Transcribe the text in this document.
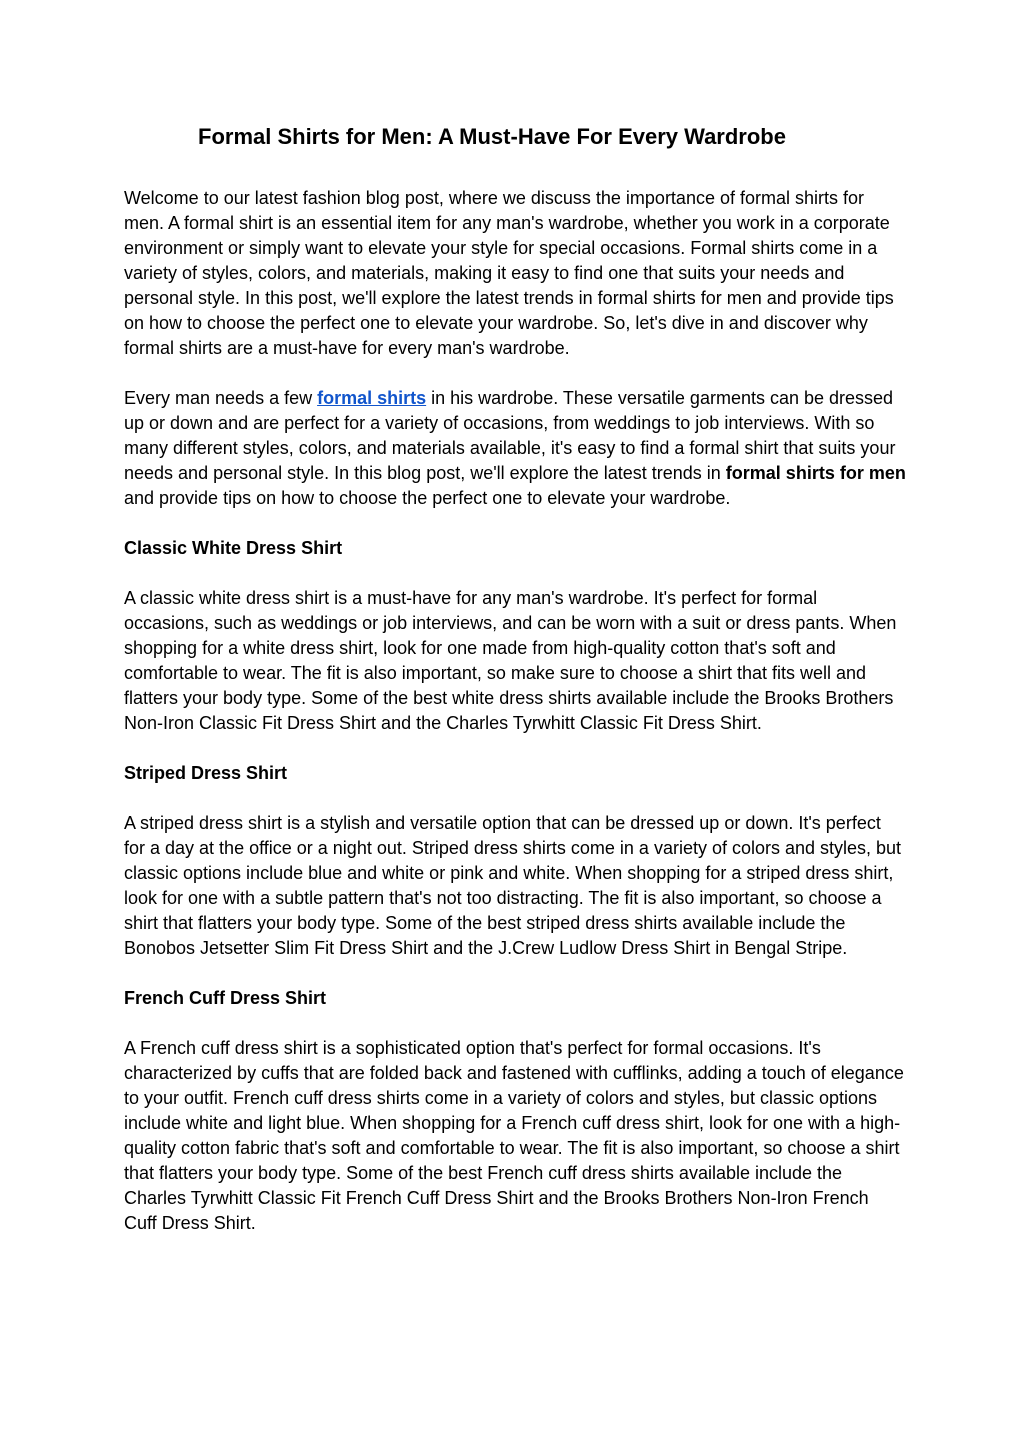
Formal Shirts for Men: A Must-Have For Every Wardrobe

Welcome to our latest fashion blog post, where we discuss the importance of formal shirts for men. A formal shirt is an essential item for any man's wardrobe, whether you work in a corporate environment or simply want to elevate your style for special occasions. Formal shirts come in a variety of styles, colors, and materials, making it easy to find one that suits your needs and personal style. In this post, we'll explore the latest trends in formal shirts for men and provide tips on how to choose the perfect one to elevate your wardrobe. So, let's dive in and discover why formal shirts are a must-have for every man's wardrobe.

Every man needs a few formal shirts in his wardrobe. These versatile garments can be dressed up or down and are perfect for a variety of occasions, from weddings to job interviews. With so many different styles, colors, and materials available, it's easy to find a formal shirt that suits your needs and personal style. In this blog post, we'll explore the latest trends in formal shirts for men and provide tips on how to choose the perfect one to elevate your wardrobe.

Classic White Dress Shirt

A classic white dress shirt is a must-have for any man's wardrobe. It's perfect for formal occasions, such as weddings or job interviews, and can be worn with a suit or dress pants. When shopping for a white dress shirt, look for one made from high-quality cotton that's soft and comfortable to wear. The fit is also important, so make sure to choose a shirt that fits well and flatters your body type. Some of the best white dress shirts available include the Brooks Brothers Non-Iron Classic Fit Dress Shirt and the Charles Tyrwhitt Classic Fit Dress Shirt.

Striped Dress Shirt

A striped dress shirt is a stylish and versatile option that can be dressed up or down. It's perfect for a day at the office or a night out. Striped dress shirts come in a variety of colors and styles, but classic options include blue and white or pink and white. When shopping for a striped dress shirt, look for one with a subtle pattern that's not too distracting. The fit is also important, so choose a shirt that flatters your body type. Some of the best striped dress shirts available include the Bonobos Jetsetter Slim Fit Dress Shirt and the J.Crew Ludlow Dress Shirt in Bengal Stripe.

French Cuff Dress Shirt

A French cuff dress shirt is a sophisticated option that's perfect for formal occasions. It's characterized by cuffs that are folded back and fastened with cufflinks, adding a touch of elegance to your outfit. French cuff dress shirts come in a variety of colors and styles, but classic options include white and light blue. When shopping for a French cuff dress shirt, look for one with a high-quality cotton fabric that's soft and comfortable to wear. The fit is also important, so choose a shirt that flatters your body type. Some of the best French cuff dress shirts available include the Charles Tyrwhitt Classic Fit French Cuff Dress Shirt and the Brooks Brothers Non-Iron French Cuff Dress Shirt.
